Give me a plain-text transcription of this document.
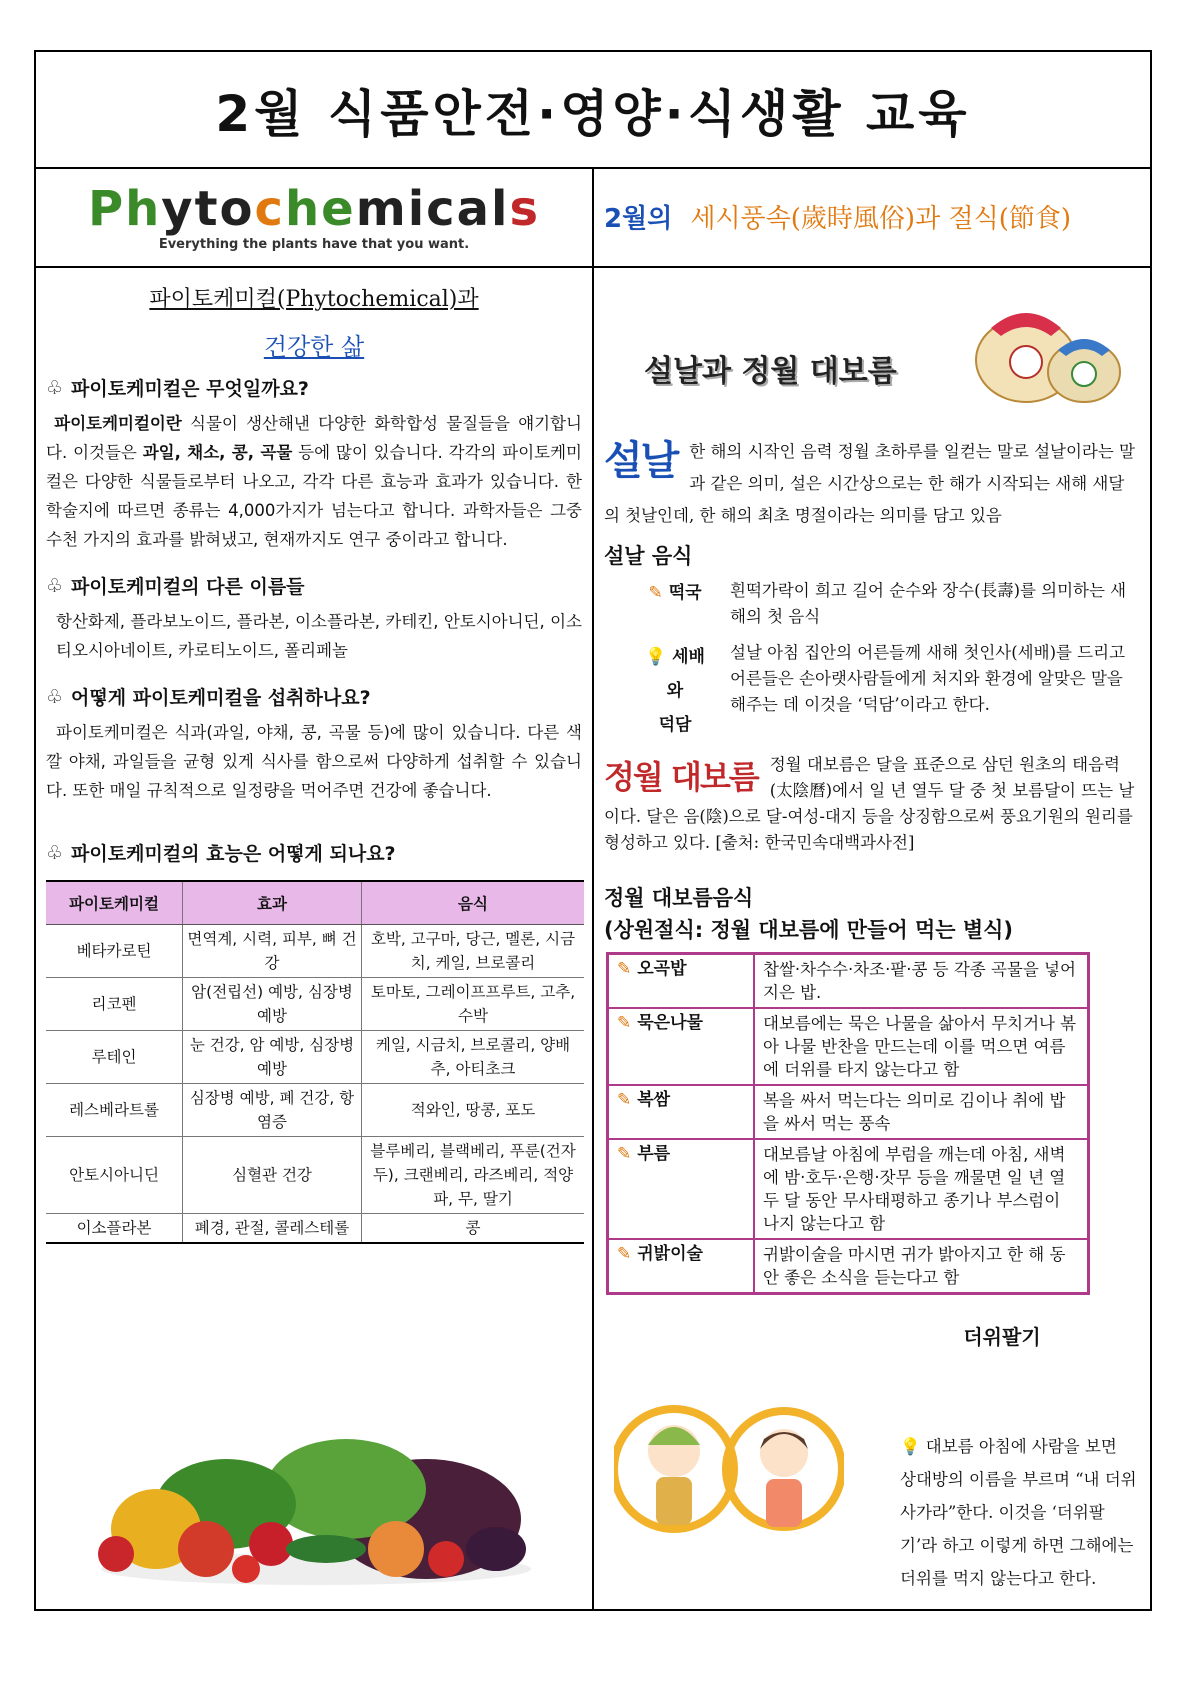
2월 식품안전·영양·식생활 교육
Phytochemicals
Everything the plants have that you want.
2월의 세시풍속(歲時風俗)과 절식(節食)
파이토케미컬(Phytochemical)과
건강한 삶
♧ 파이토케미컬은 무엇일까요?

파이토케미컬이란 식물이 생산해낸 다양한 화학합성 물질들을 얘기합니다. 이것들은 과일, 채소, 콩, 곡물 등에 많이 있습니다. 각각의 파이토케미컬은 다양한 식물들로부터 나오고, 각각 다른 효능과 효과가 있습니다. 한 학술지에 따르면 종류는 4,000가지가 넘는다고 합니다. 과학자들은 그중 수천 가지의 효과를 밝혀냈고, 현재까지도 연구 중이라고 합니다.

♧ 파이토케미컬의 다른 이름들

항산화제, 플라보노이드, 플라본, 이소플라본, 카테킨, 안토시아니딘, 이소티오시아네이트, 카로티노이드, 폴리페놀

♧ 어떻게 파이토케미컬을 섭취하나요?

파이토케미컬은 식과(과일, 야채, 콩, 곡물 등)에 많이 있습니다. 다른 색깔 야채, 과일들을 균형 있게 식사를 함으로써 다양하게 섭취할 수 있습니다. 또한 매일 규칙적으로 일정량을 먹어주면 건강에 좋습니다.

♧ 파이토케미컬의 효능은 어떻게 되나요?
파이토케미컬	효과	음식
베타카로틴	면역계, 시력, 피부, 뼈 건강	호박, 고구마, 당근, 멜론, 시금치, 케일, 브로콜리
리코펜	암(전립선) 예방, 심장병 예방	토마토, 그레이프프루트, 고추, 수박
루테인	눈 건강, 암 예방, 심장병 예방	케일, 시금치, 브로콜리, 양배추, 아티초크
레스베라트롤	심장병 예방, 폐 건강, 항염증	적와인, 땅콩, 포도
안토시아니딘	심혈관 건강	블루베리, 블랙베리, 푸룬(건자두), 크랜베리, 라즈베리, 적양파, 무, 딸기
이소플라본	폐경, 관절, 콜레스테롤	콩
설날과 정월 대보름
설날 한 해의 시작인 음력 정월 초하루를 일컫는 말로 설날이라는 말과 같은 의미, 설은 시간상으로는 한 해가 시작되는 새해 새달의 첫날인데, 한 해의 최초 명절이라는 의미를 담고 있음

설날 음식
✎ 떡국	흰떡가락이 희고 길어 순수와 장수(長壽)를 의미하는 새해의 첫 음식
💡 세배
와
덕담
설날 아침 집안의 어른들께 새해 첫인사(세배)를 드리고 어른들은 손아랫사람들에게 처지와 환경에 알맞은 말을 해주는 데 이것을 ‘덕담’이라고 한다.
정월 대보름 정월 대보름은 달을 표준으로 삼던 원초의 태음력(太陰曆)에서 일 년 열두 달 중 첫 보름달이 뜨는 날이다. 달은 음(陰)으로 달-여성-대지 등을 상징함으로써 풍요기원의 원리를 형성하고 있다. [출처: 한국민속대백과사전]

정월 대보름음식
(상원절식: 정월 대보름에 만들어 먹는 별식)
✎ 오곡밥	찹쌀·차수수·차조·팥·콩 등 각종 곡물을 넣어 지은 밥.
✎ 묵은나물	대보름에는 묵은 나물을 삶아서 무치거나 볶아 나물 반찬을 만드는데 이를 먹으면 여름에 더위를 타지 않는다고 함
✎ 복쌈	복을 싸서 먹는다는 의미로 김이나 취에 밥을 싸서 먹는 풍속
✎ 부름	대보름날 아침에 부럼을 깨는데 아침, 새벽에 밤·호두·은행·잣무 등을 깨물면 일 년 열두 달 동안 무사태평하고 종기나 부스럼이 나지 않는다고 함
✎ 귀밝이술	귀밝이술을 마시면 귀가 밝아지고 한 해 동안 좋은 소식을 듣는다고 함
더위팔기
💡 대보름 아침에 사람을 보면 상대방의 이름을 부르며 “내 더위 사가라”한다. 이것을 ‘더위팔기’라 하고 이렇게 하면 그해에는 더위를 먹지 않는다고 한다.
